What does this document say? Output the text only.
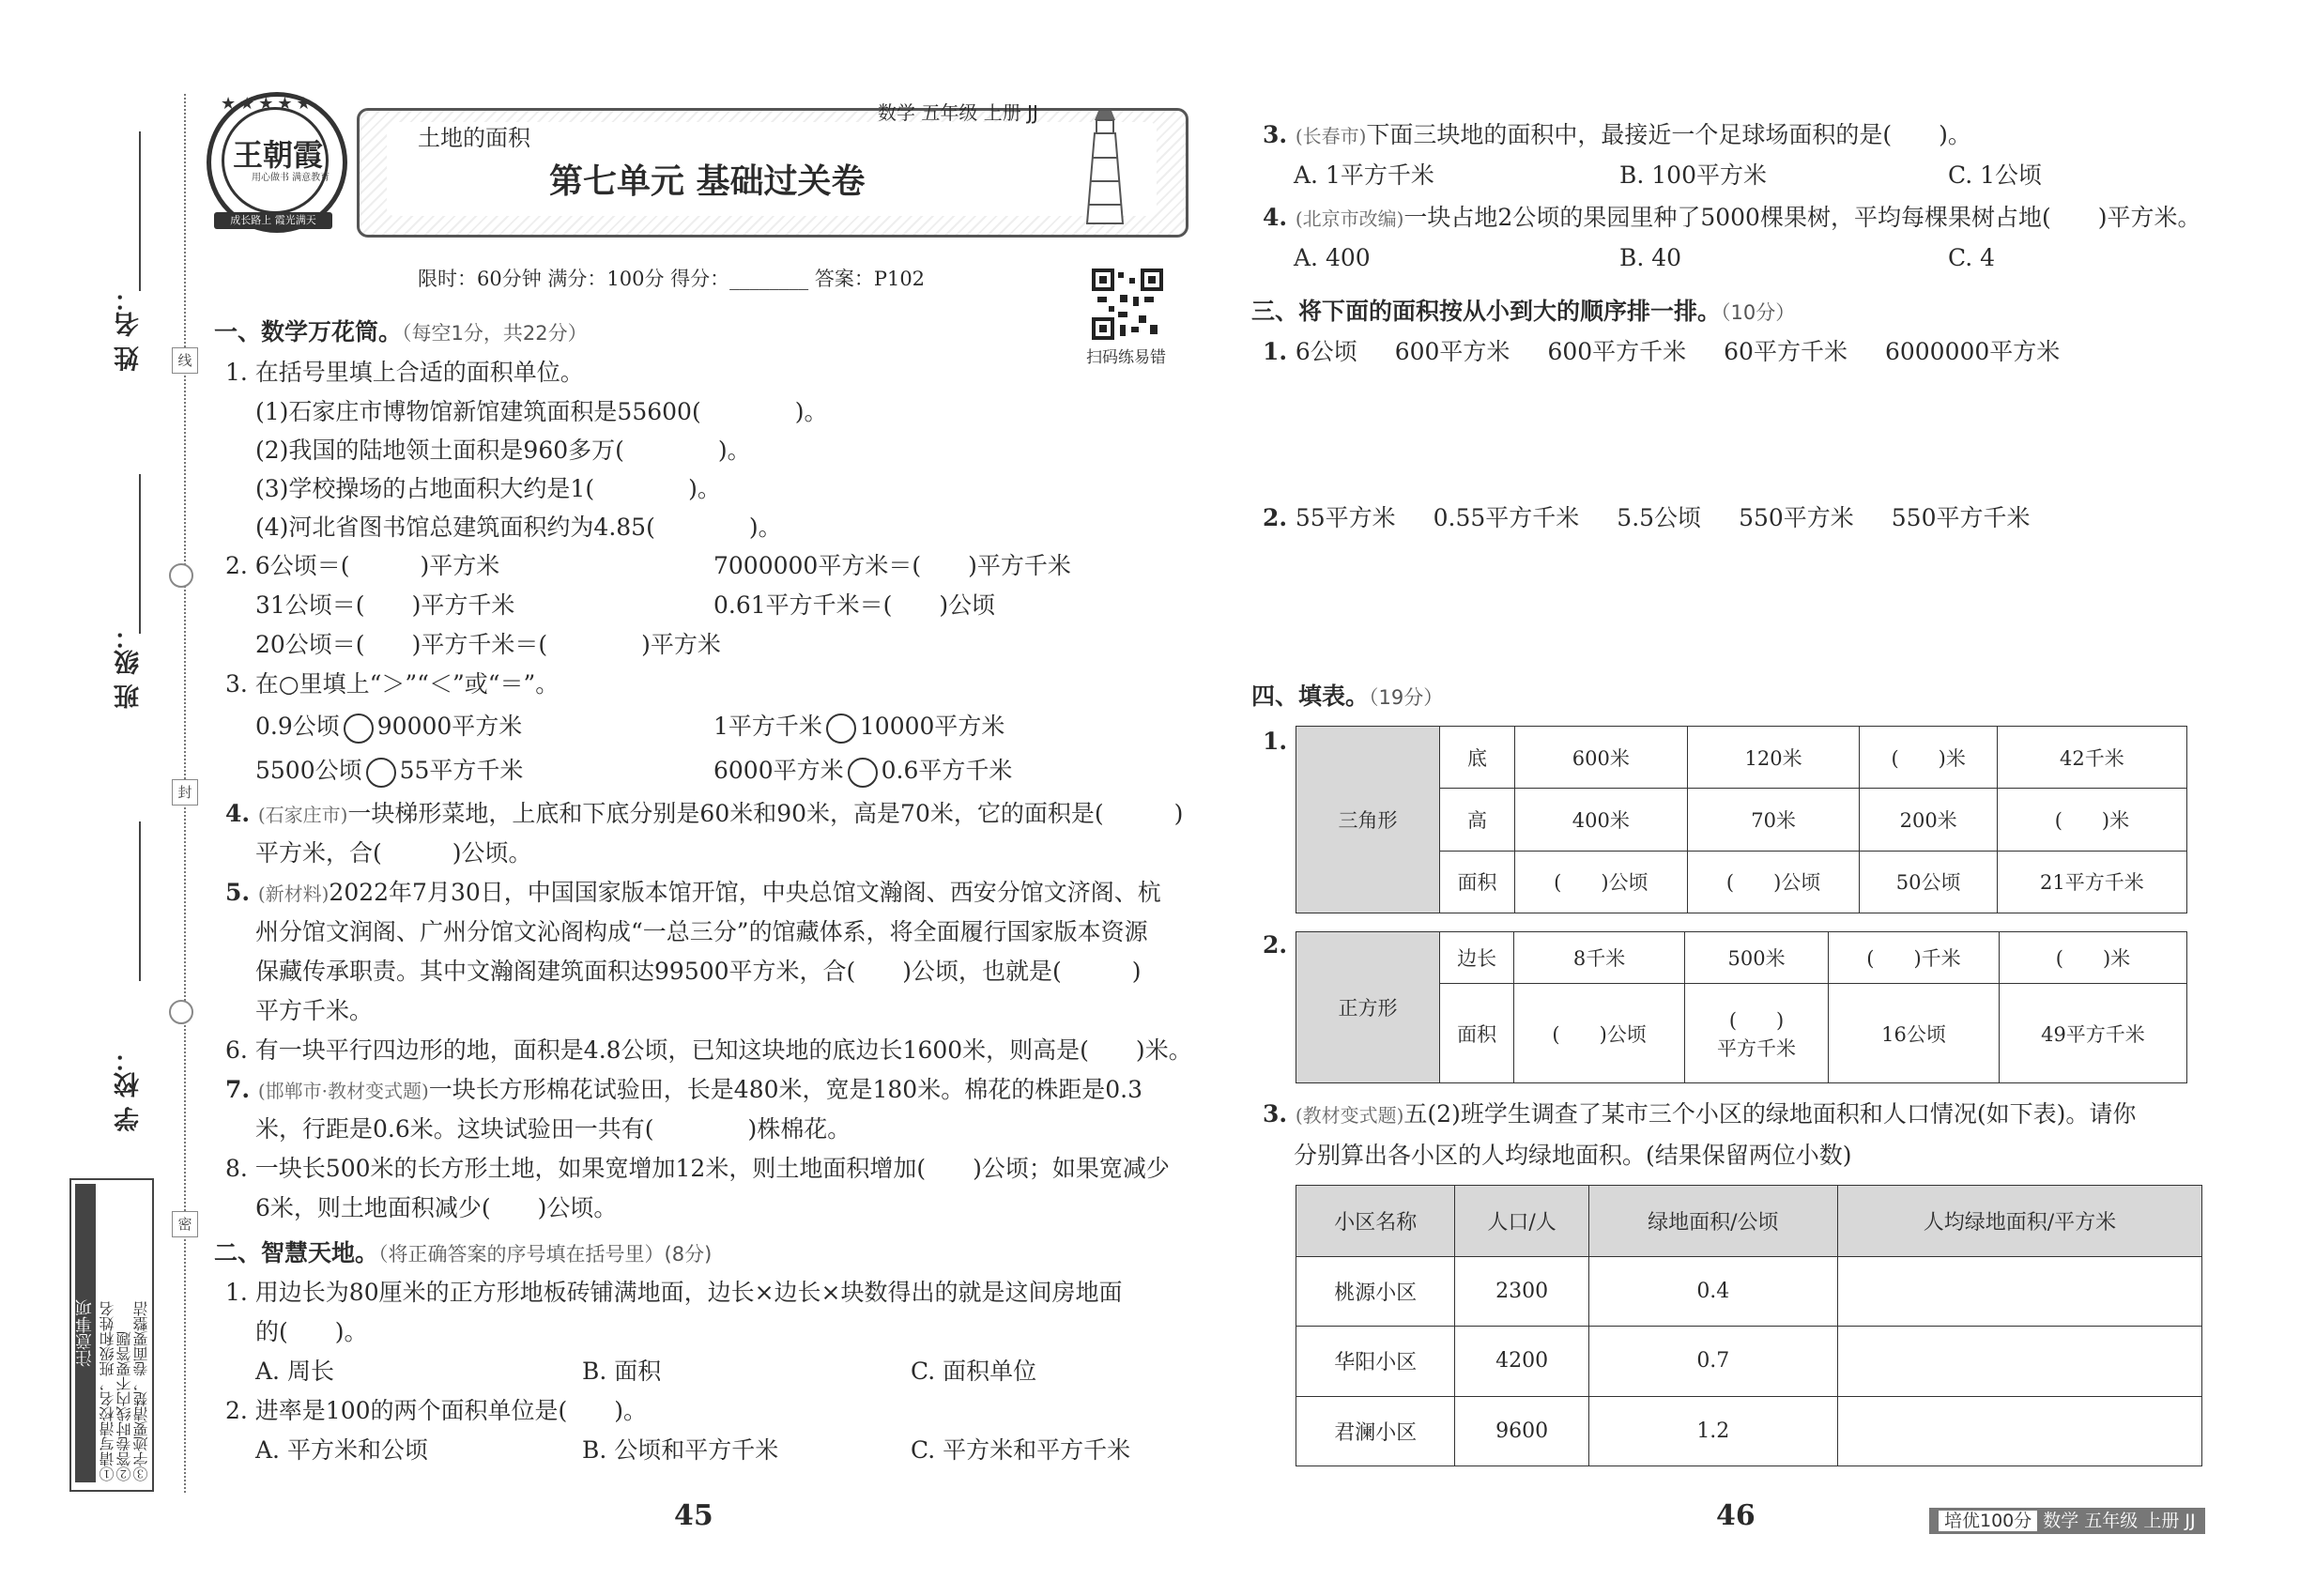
姓 名：
班 级：
学 校：
线
封
密
注意事项 ①请写清校名，班级和姓名 ②答卷时线内不要答题 ③字迹要清楚，卷面要整洁
王朝霞
用心做书 满意教育
成长路上 霞光满天
★★★★★	数学 五年级 上册 JJ
土地的面积
第七单元 基础过关卷
限时：60分钟 满分：100分 得分：________ 答案：P102
扫码练易错
一、数学万花筒。（每空1分，共22分）
1. 在括号里填上合适的面积单位。
(1)石家庄市博物馆新馆建筑面积是55600(　　　　)。
(2)我国的陆地领土面积是960多万(　　　　)。
(3)学校操场的占地面积大约是1(　　　　)。
(4)河北省图书馆总建筑面积约为4.85(　　　　)。
2. 6公顷＝(　　　)平方米	7000000平方米＝(　　)平方千米
31公顷＝(　　)平方千米	0.61平方千米＝(　　)公顷
20公顷＝(　　)平方千米＝(　　　　)平方米
3. 在○里填上“＞”“＜”或“＝”。
0.9公顷 90000平方米	1平方千米 10000平方米
5500公顷 55平方千米	6000平方米 0.6平方千米
4. (石家庄市)一块梯形菜地，上底和下底分别是60米和90米，高是70米，它的面积是(　　　)
平方米，合(　　　)公顷。
5. (新材料)2022年7月30日，中国国家版本馆开馆，中央总馆文瀚阁、西安分馆文济阁、杭
州分馆文润阁、广州分馆文沁阁构成“一总三分”的馆藏体系，将全面履行国家版本资源
保藏传承职责。其中文瀚阁建筑面积达99500平方米，合(　　)公顷，也就是(　　　)
平方千米。
6. 有一块平行四边形的地，面积是4.8公顷，已知这块地的底边长1600米，则高是(　　)米。
7. (邯郸市·教材变式题)一块长方形棉花试验田，长是480米，宽是180米。棉花的株距是0.3
米，行距是0.6米。这块试验田一共有(　　　　)株棉花。
8. 一块长500米的长方形土地，如果宽增加12米，则土地面积增加(　　)公顷；如果宽减少
6米，则土地面积减少(　　)公顷。
二、智慧天地。（将正确答案的序号填在括号里）(8分)
1. 用边长为80厘米的正方形地板砖铺满地面，边长×边长×块数得出的就是这间房地面
的(　　)。
A. 周长	B. 面积	C. 面积单位
2. 进率是100的两个面积单位是(　　)。
A. 平方米和公顷	B. 公顷和平方千米	C. 平方米和平方千米
45
3. (长春市)下面三块地的面积中，最接近一个足球场面积的是(　　)。
A. 1平方千米	B. 100平方米	C. 1公顷
4. (北京市改编)一块占地2公顷的果园里种了5000棵果树，平均每棵果树占地(　　)平方米。
A. 400	B. 40	C. 4
三、将下面的面积按从小到大的顺序排一排。（10分）
1. 6公顷 600平方米 600平方千米 60平方千米 6000000平方米
2. 55平方米 0.55平方千米 5.5公顷 550平方米 550平方千米
四、填表。（19分）
1.
三角形	底	600米	120米	(　　)米	42千米
	高	400米	70米	200米	(　　)米
	面积	(　　)公顷	(　　)公顷	50公顷	21平方千米
2.
正方形	边长	8千米	500米	(　　)千米	(　　)米
	面积	(　　)公顷	(　　)
平方千米	16公顷	49平方千米
3. (教材变式题)五(2)班学生调查了某市三个小区的绿地面积和人口情况(如下表)。请你
分别算出各小区的人均绿地面积。(结果保留两位小数)
小区名称	人口/人	绿地面积/公顷	人均绿地面积/平方米
桃源小区	2300	0.4	
华阳小区	4200	0.7	
君澜小区	9600	1.2	
46	培优100分 数学 五年级 上册 JJ
